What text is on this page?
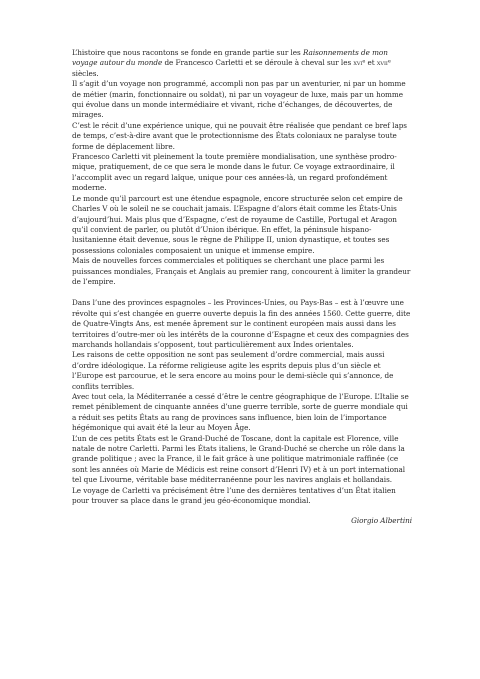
L’histoire que nous racontons se fonde en grande partie sur les Raisonnements de mon voyage autour du monde de Francesco Carletti et se déroule à cheval sur les xvi$^e$ et xvii$^e$ siècles.

Il s’agit d’un voyage non programmé, accompli non pas par un aventurier, ni par un homme de métier (marin, fonctionnaire ou soldat), ni par un voyageur de luxe, mais par un homme qui évolue dans un monde intermédiaire et vivant, riche d’échanges, de découvertes, de mirages.

C’est le récit d’une expérience unique, qui ne pouvait être réalisée que pendant ce bref laps de temps, c’est-à-dire avant que le protectionnisme des États coloniaux ne paralyse toute forme de déplacement libre.

Francesco Carletti vit pleinement la toute première mondialisation, une synthèse prodromique, pratiquement, de ce que sera le monde dans le futur. Ce voyage extraordinaire, il l’accomplit avec un regard laïque, unique pour ces années-là, un regard profondément moderne.

Le monde qu’il parcourt est une étendue espagnole, encore structurée selon cet empire de Charles V où le soleil ne se couchait jamais. L’Espagne d’alors était comme les États-Unis d’aujourd’hui. Mais plus que d’Espagne, c’est de royaume de Castille, Portugal et Aragon qu’il convient de parler, ou plutôt d’Union ibérique. En effet, la péninsule hispano-lusitanienne était devenue, sous le règne de Philippe II, union dynastique, et toutes ses possessions coloniales composaient un unique et immense empire.

Mais de nouvelles forces commerciales et politiques se cherchant une place parmi les puissances mondiales, Français et Anglais au premier rang, concourent à limiter la grandeur de l’empire.

Dans l’une des provinces espagnoles – les Provinces-Unies, ou Pays-Bas – est à l’œuvre une révolte qui s’est changée en guerre ouverte depuis la fin des années 1560. Cette guerre, dite de Quatre-Vingts Ans, est menée âprement sur le continent européen mais aussi dans les territoires d’outre-mer où les intérêts de la couronne d’Espagne et ceux des compagnies des marchands hollandais s’opposent, tout particulièrement aux Indes orientales.

Les raisons de cette opposition ne sont pas seulement d’ordre commercial, mais aussi d’ordre idéologique. La réforme religieuse agite les esprits depuis plus d’un siècle et l’Europe est parcourue, et le sera encore au moins pour le demi-siècle qui s’annonce, de conflits terribles.

Avec tout cela, la Méditerranée a cessé d’être le centre géographique de l’Europe. L’Italie se remet péniblement de cinquante années d’une guerre terrible, sorte de guerre mondiale qui a réduit ses petits États au rang de provinces sans influence, bien loin de l’importance hégémonique qui avait été la leur au Moyen Âge.

L’un de ces petits États est le Grand-Duché de Toscane, dont la capitale est Florence, ville natale de notre Carletti. Parmi les États italiens, le Grand-Duché se cherche un rôle dans la grande politique ; avec la France, il le fait grâce à une politique matrimoniale raffinée (ce sont les années où Marie de Médicis est reine consort d’Henri IV) et à un port international tel que Livourne, véritable base méditerranéenne pour les navires anglais et hollandais.

Le voyage de Carletti va précisément être l’une des dernières tentatives d’un État italien pour trouver sa place dans le grand jeu géo-économique mondial.

Giorgio Albertini
